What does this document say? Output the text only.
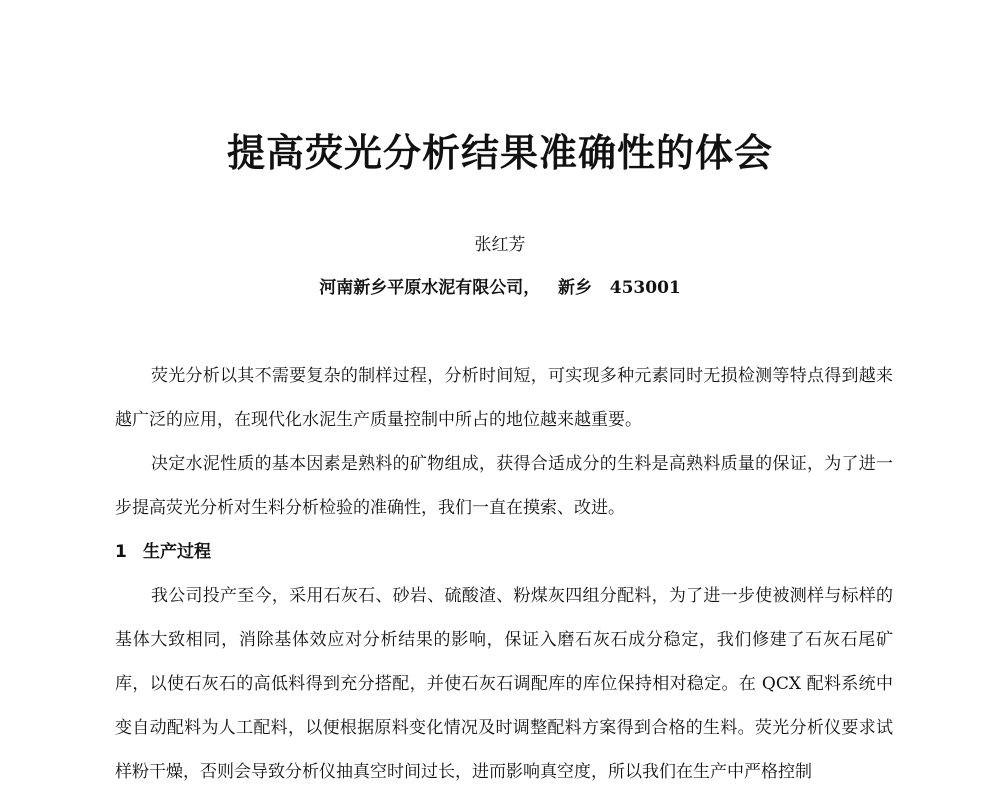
提高荧光分析结果准确性的体会
张红芳
河南新乡平原水泥有限公司，   新乡   453001

荧光分析以其不需要复杂的制样过程，分析时间短，可实现多种元素同时无损检测等特点得到越来越广泛的应用，在现代化水泥生产质量控制中所占的地位越来越重要。

决定水泥性质的基本因素是熟料的矿物组成，获得合适成分的生料是高熟料质量的保证，为了进一步提高荧光分析对生料分析检验的准确性，我们一直在摸索、改进。

1 生产过程

我公司投产至今，采用石灰石、砂岩、硫酸渣、粉煤灰四组分配料，为了进一步使被测样与标样的基体大致相同，消除基体效应对分析结果的影响，保证入磨石灰石成分稳定，我们修建了石灰石尾矿库，以使石灰石的高低料得到充分搭配，并使石灰石调配库的库位保持相对稳定。在 QCX 配料系统中变自动配料为人工配料，以便根据原料变化情况及时调整配料方案得到合格的生料。荧光分析仪要求试样粉干燥，否则会导致分析仪抽真空时间过长，进而影响真空度，所以我们在生产中严格控制
